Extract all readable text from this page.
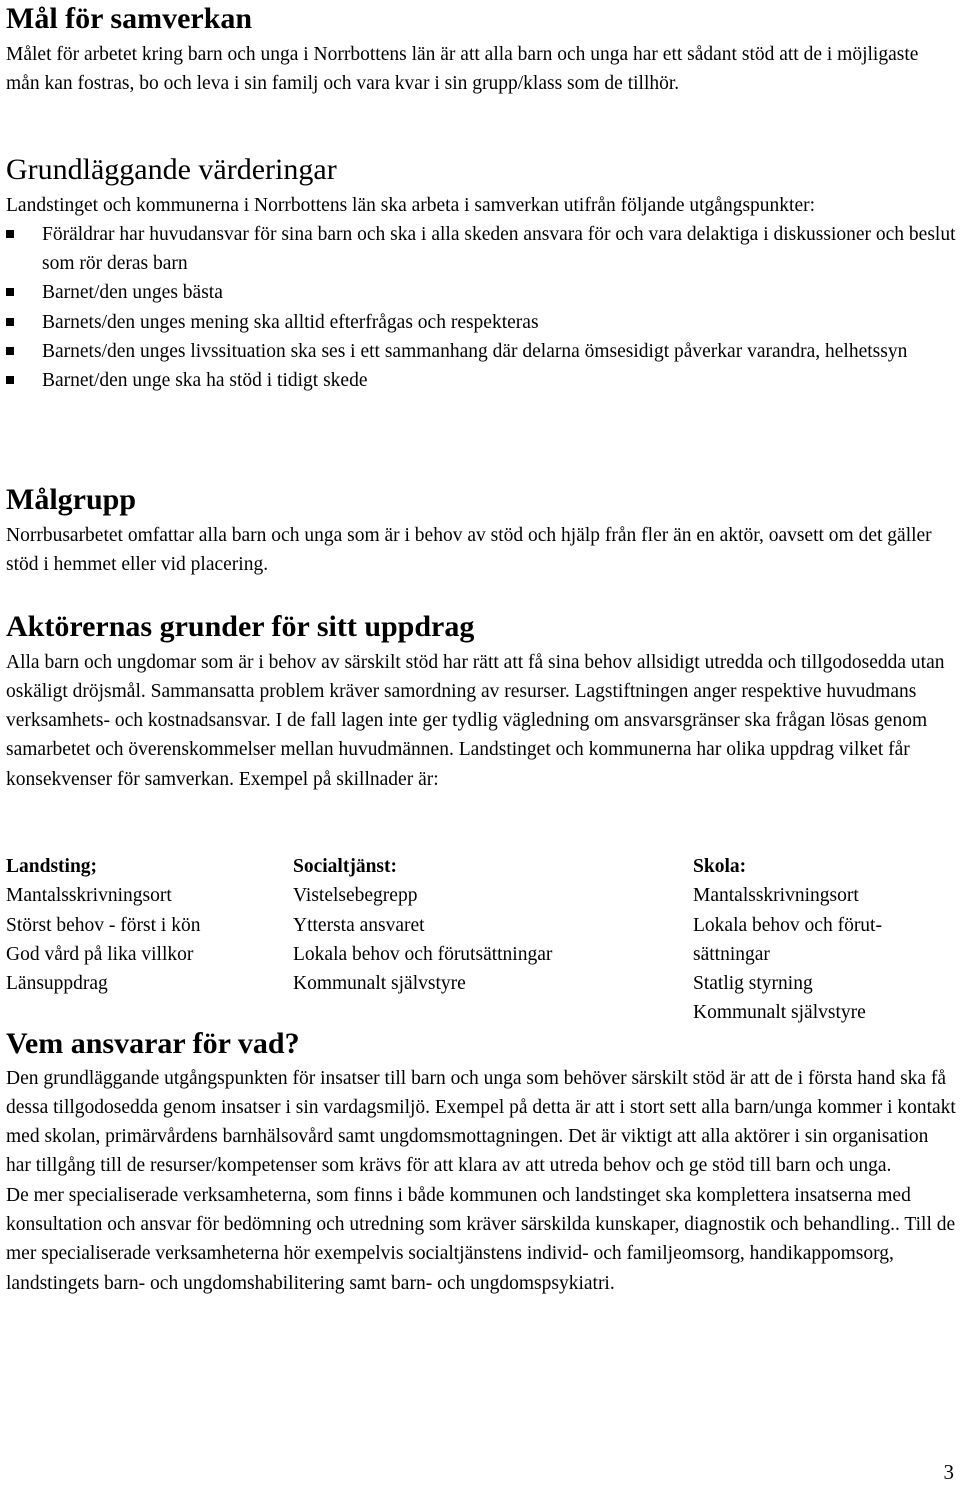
Mål för samverkan

Målet för arbetet kring barn och unga i Norrbottens län är att alla barn och unga har ett sådant stöd att de i möjligaste mån kan fostras, bo och leva i sin familj och vara kvar i sin grupp/klass som de tillhör.

Grundläggande värderingar

Landstinget och kommunerna i Norrbottens län ska arbeta i samverkan utifrån följande utgångspunkter:

Föräldrar har huvudansvar för sina barn och ska i alla skeden ansvara för och vara delaktiga i diskussioner och beslut som rör deras barn
Barnet/den unges bästa
Barnets/den unges mening ska alltid efterfrågas och respekteras
Barnets/den unges livssituation ska ses i ett sammanhang där delarna ömsesidigt påverkar varandra, helhetssyn
Barnet/den unge ska ha stöd i tidigt skede
Målgrupp

Norrbusarbetet omfattar alla barn och unga som är i behov av stöd och hjälp från fler än en aktör, oavsett om det gäller stöd i hemmet eller vid placering.

Aktörernas grunder för sitt uppdrag

Alla barn och ungdomar som är i behov av särskilt stöd har rätt att få sina behov allsidigt utredda och tillgodosedda utan oskäligt dröjsmål. Sammansatta problem kräver samordning av resurser. Lagstiftningen anger respektive huvudmans verksamhets- och kostnadsansvar. I de fall lagen inte ger tydlig vägledning om ansvarsgränser ska frågan lösas genom samarbetet och överenskommelser mellan huvudmännen. Landstinget och kommunerna har olika uppdrag vilket får konsekvenser för samverkan. Exempel på skillnader är:

Landsting;
Mantalsskrivningsort
Störst behov - först i kön
God vård på lika villkor
Länsuppdrag
Socialtjänst:
Vistelsebegrepp
Yttersta ansvaret
Lokala behov och förutsättningar
Kommunalt självstyre
Skola:
Mantalsskrivningsort
Lokala behov och förut-
sättningar
Statlig styrning
Kommunalt självstyre
Vem ansvarar för vad?

Den grundläggande utgångspunkten för insatser till barn och unga som behöver särskilt stöd är att de i första hand ska få dessa tillgodosedda genom insatser i sin vardagsmiljö. Exempel på detta är att i stort sett alla barn/unga kommer i kontakt med skolan, primärvårdens barnhälsovård samt ungdomsmottagningen. Det är viktigt att alla aktörer i sin organisation har tillgång till de resurser/kompetenser som krävs för att klara av att utreda behov och ge stöd till barn och unga.

De mer specialiserade verksamheterna, som finns i både kommunen och landstinget ska komplettera insatserna med konsultation och ansvar för bedömning och utredning som kräver särskilda kunskaper, diagnostik och behandling.. Till de mer specialiserade verksamheterna hör exempelvis socialtjänstens individ- och familjeomsorg, handikappomsorg, landstingets barn- och ungdomshabilitering samt barn- och ungdomspsykiatri.

3
